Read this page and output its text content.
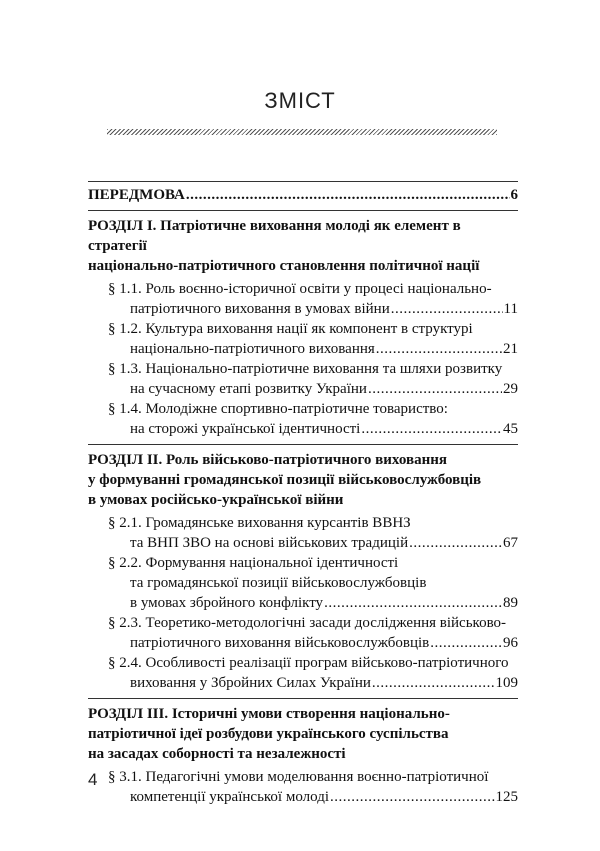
ЗМІСТ
ПЕРЕДМОВА .....	6
РОЗДІЛ І. Патріотичне виховання молоді як елемент в стратегії
національно-патріотичного становлення політичної нації
§ 1.1. Роль воєнно-історичної освіти у процесі національно-
патріотичного виховання в умовах війни .....	11
§ 1.2. Культура виховання нації як компонент в структурі
національно-патріотичного виховання .....	21
§ 1.3. Національно-патріотичне виховання та шляхи розвитку
на сучасному етапі розвитку України .....	29
§ 1.4. Молодіжне спортивно-патріотичне товариство:
на сторожі української ідентичності .....	45
РОЗДІЛ ІІ. Роль військово-патріотичного виховання
у формуванні громадянської позиції військовослужбовців
в умовах російсько-української війни
§ 2.1. Громадянське виховання курсантів ВВНЗ
та ВНП ЗВО на основі військових традицій .....	67
§ 2.2. Формування національної ідентичності
та громадянської позиції військовослужбовців
в умовах збройного конфлікту .....	89
§ 2.3. Теоретико-методологічні засади дослідження військово-
патріотичного виховання військовослужбовців .....	96
§ 2.4. Особливості реалізації програм військово-патріотичного
виховання у Збройних Силах України .....	109
РОЗДІЛ ІІІ. Історичні умови створення національно-
патріотичної ідеї розбудови українського суспільства
на засадах соборності та незалежності
§ 3.1. Педагогічні умови моделювання воєнно-патріотичної
компетенції української молоді .....	125
4
